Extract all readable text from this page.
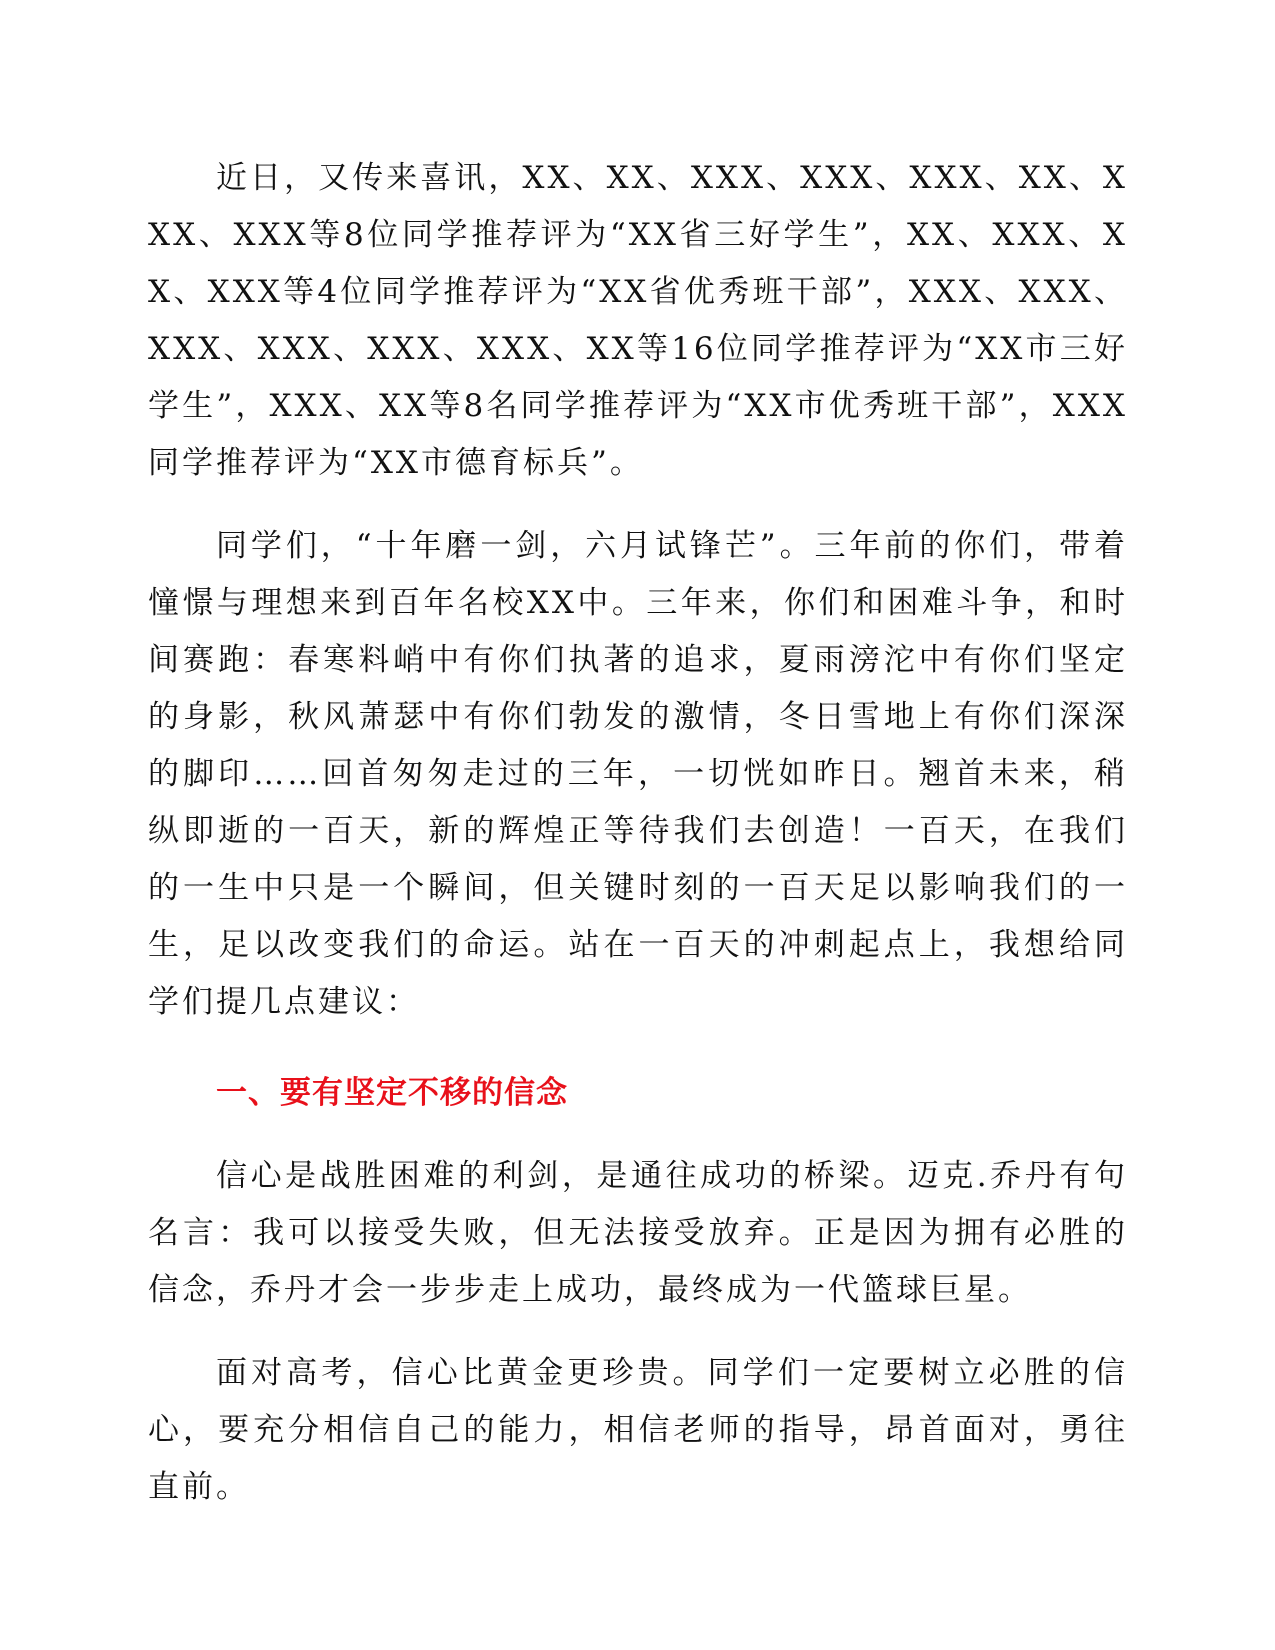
近日，又传来喜讯，XX、XX、XXX、XXX、XXX、XX、XXX、XXX等8位同学推荐评为“XX省三好学生”，XX、XXX、XX、XXX等4位同学推荐评为“XX省优秀班干部”，XXX、XXX、XXX、XXX、XXX、XXX、XX等16位同学推荐评为“XX市三好学生”，XXX、XX等8名同学推荐评为“XX市优秀班干部”，XXX同学推荐评为“XX市德育标兵”。

同学们，“十年磨一剑，六月试锋芒”。三年前的你们，带着憧憬与理想来到百年名校XX中。三年来，你们和困难斗争，和时间赛跑：春寒料峭中有你们执著的追求，夏雨滂沱中有你们坚定的身影，秋风萧瑟中有你们勃发的激情，冬日雪地上有你们深深的脚印……回首匆匆走过的三年，一切恍如昨日。翘首未来，稍纵即逝的一百天，新的辉煌正等待我们去创造！一百天，在我们的一生中只是一个瞬间，但关键时刻的一百天足以影响我们的一生，足以改变我们的命运。站在一百天的冲刺起点上，我想给同学们提几点建议：

一、要有坚定不移的信念

信心是战胜困难的利剑，是通往成功的桥梁。迈克.乔丹有句名言：我可以接受失败，但无法接受放弃。正是因为拥有必胜的信念，乔丹才会一步步走上成功，最终成为一代篮球巨星。

面对高考，信心比黄金更珍贵。同学们一定要树立必胜的信心，要充分相信自己的能力，相信老师的指导，昂首面对，勇往直前。
